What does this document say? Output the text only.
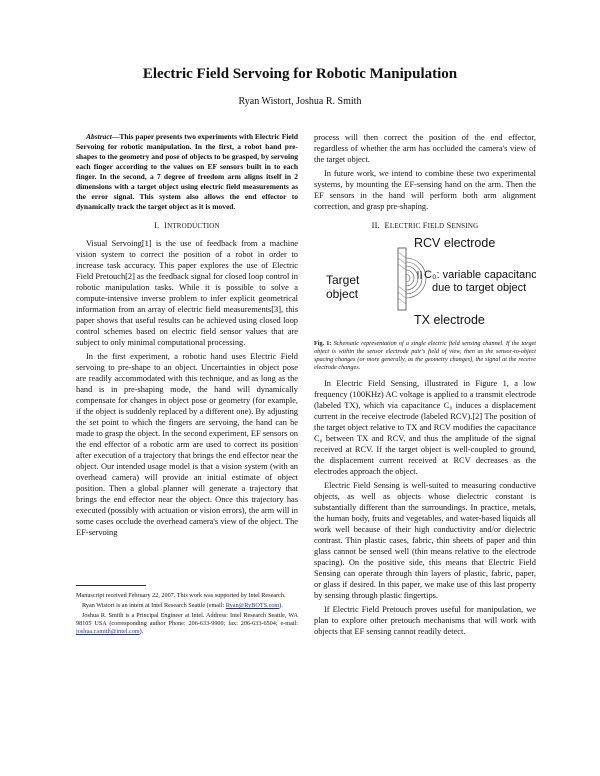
Electric Field Servoing for Robotic Manipulation
Ryan Wistort, Joshua R. Smith

Abstract—This paper presents two experiments with Electric Field Servoing for robotic manipulation. In the first, a robot hand pre-shapes to the geometry and pose of objects to be grasped, by servoing each finger according to the values on EF sensors built in to each finger. In the second, a 7 degree of freedom arm aligns itself in 2 dimensions with a target object using electric field measurements as the error signal. This system also allows the end effector to dynamically track the target object as it is moved.

I. INTRODUCTION

Visual Servoing[1] is the use of feedback from a machine vision system to correct the position of a robot in order to increase task accuracy. This paper explores the use of Electric Field Pretouch[2] as the feedback signal for closed loop control in robotic manipulation tasks. While it is possible to solve a compute-intensive inverse problem to infer explicit geometrical information from an array of electric field measurements[3], this paper shows that useful results can be achieved using closed loop control schemes based on electric field sensor values that are subject to only minimal computational processing.

In the first experiment, a robotic hand uses Electric Field servoing to pre-shape to an object. Uncertainties in object pose are readily accommodated with this technique, and as long as the hand is in pre-shaping mode, the hand will dynamically compensate for changes in object pose or geometry (for example, if the object is suddenly replaced by a different one). By adjusting the set point to which the fingers are servoing, the hand can be made to grasp the object. In the second experiment, EF sensors on the end effector of a robotic arm are used to correct its position after execution of a trajectory that brings the end effector near the object. Our intended usage model is that a vision system (with an overhead camera) will provide an initial estimate of object position. Then a global planner will generate a trajectory that brings the end effector near the object. Once this trajectory has executed (possibly with actuation or vision errors), the arm will in some cases occlude the overhead camera's view of the object. The EF-servoing

Manuscript received February 22, 2007. This work was supported by Intel Research.

Ryan Wistort is an intern at Intel Research Seattle (email: Ryan@RyBOTS.com).

Joshua R. Smith is a Principal Engineer at Intel. Address: Intel Research Seattle, WA 98105 USA (corresponding author Phone: 206-633-9900; fax: 206-633-6504; e-mail: joshua.r.smith@intel.com).

process will then correct the position of the end effector, regardless of whether the arm has occluded the camera's view of the target object.

In future work, we intend to combine these two experimental systems, by mounting the EF-sensing hand on the arm. Then the EF sensors in the hand will perform both arm alignment correction, and grasp pre-shaping.

II. ELECTRIC FIELD SENSING
RCV electrode
C₀: variable capacitance
due to target object
Target
object
TX electrode
Fig. 1: Schematic representation of a single electric field sensing channel. If the target object is within the sensor electrode pair's field of view, then as the sensor-to-object spacing changes (or more generally, as the geometry changes), the signal at the receive electrode changes.

In Electric Field Sensing, illustrated in Figure 1, a low frequency (100KHz) AC voltage is applied to a transmit electrode (labeled TX), which via capacitance C₀ induces a displacement current in the receive electrode (labeled RCV).[2] The position of the target object relative to TX and RCV modifies the capacitance C₀ between TX and RCV, and thus the amplitude of the signal received at RCV. If the target object is well-coupled to ground, the displacement current received at RCV decreases as the electrodes approach the object.

Electric Field Sensing is well-suited to measuring conductive objects, as well as objects whose dielectric constant is substantially different than the surroundings. In practice, metals, the human body, fruits and vegetables, and water-based liquids all work well because of their high conductivity and/or dielectric contrast. Thin plastic cases, fabric, thin sheets of paper and thin glass cannot be sensed well (thin means relative to the electrode spacing). On the positive side, this means that Electric Field Sensing can operate through thin layers of plastic, fabric, paper, or glass if desired. In this paper, we make use of this last property by sensing through plastic fingertips.

If Electric Field Pretouch proves useful for manipulation, we plan to explore other pretouch mechanisms that will work with objects that EF sensing cannot readily detect.
